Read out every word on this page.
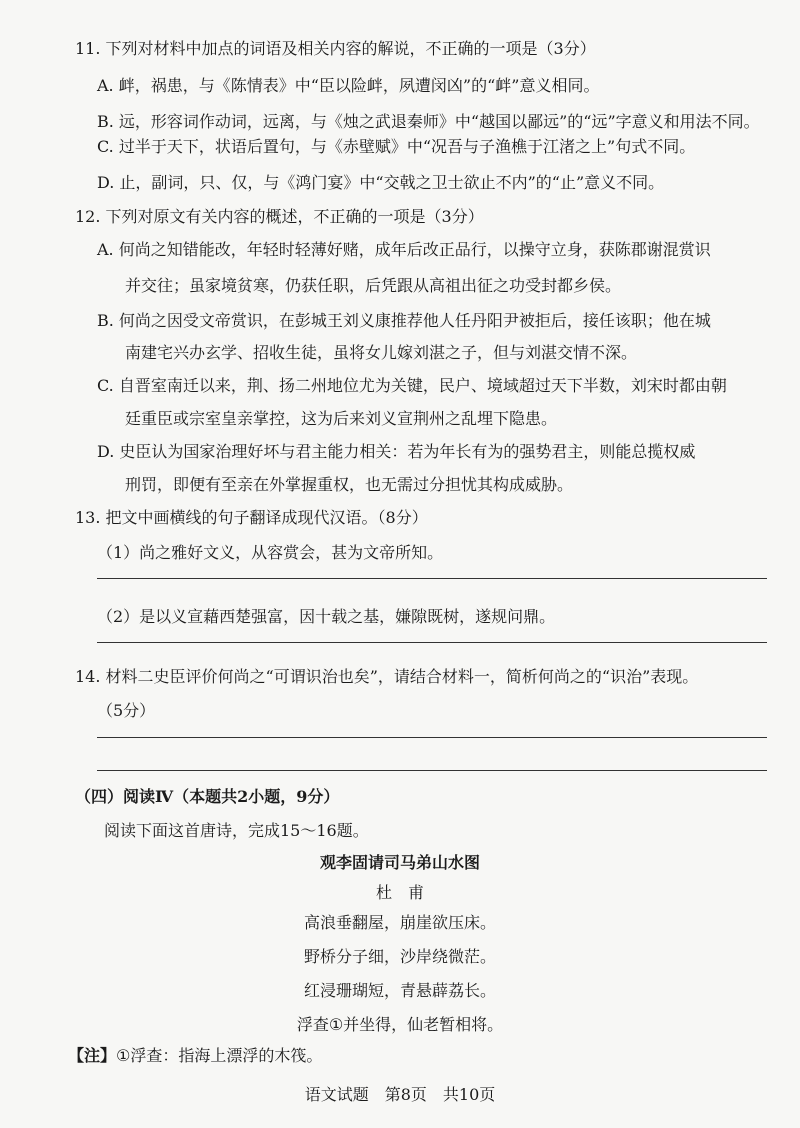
11. 下列对材料中加点的词语及相关内容的解说，不正确的一项是（3分）
A. 衅，祸患，与《陈情表》中“臣以险衅，夙遭闵凶”的“衅”意义相同。
B. 远，形容词作动词，远离，与《烛之武退秦师》中“越国以鄙远”的“远”字意义和用法不同。
C. 过半于天下，状语后置句，与《赤壁赋》中“况吾与子渔樵于江渚之上”句式不同。
D. 止，副词，只、仅，与《鸿门宴》中“交戟之卫士欲止不内”的“止”意义不同。
12. 下列对原文有关内容的概述，不正确的一项是（3分）
A. 何尚之知错能改，年轻时轻薄好赌，成年后改正品行，以操守立身，获陈郡谢混赏识
并交往；虽家境贫寒，仍获任职，后凭跟从高祖出征之功受封都乡侯。
B. 何尚之因受文帝赏识，在彭城王刘义康推荐他人任丹阳尹被拒后，接任该职；他在城
南建宅兴办玄学、招收生徒，虽将女儿嫁刘湛之子，但与刘湛交情不深。
C. 自晋室南迁以来，荆、扬二州地位尤为关键，民户、境域超过天下半数，刘宋时都由朝
廷重臣或宗室皇亲掌控，这为后来刘义宣荆州之乱埋下隐患。
D. 史臣认为国家治理好坏与君主能力相关：若为年长有为的强势君主，则能总揽权威
刑罚，即便有至亲在外掌握重权，也无需过分担忧其构成威胁。
13. 把文中画横线的句子翻译成现代汉语。（8分）
（1）尚之雅好文义，从容赏会，甚为文帝所知。
（2）是以义宣藉西楚强富，因十载之基，嫌隙既树，遂规问鼎。
14. 材料二史臣评价何尚之“可谓识治也矣”，请结合材料一，简析何尚之的“识治”表现。
（5分）
（四）阅读Ⅳ（本题共2小题，9分）
阅读下面这首唐诗，完成15～16题。
观李固请司马弟山水图
杜　甫
高浪垂翻屋，崩崖欲压床。
野桥分子细，沙岸绕微茫。
红浸珊瑚短，青悬薜荔长。
浮查①并坐得，仙老暂相将。
【注】①浮查：指海上漂浮的木筏。
语文试题　第8页　共10页
